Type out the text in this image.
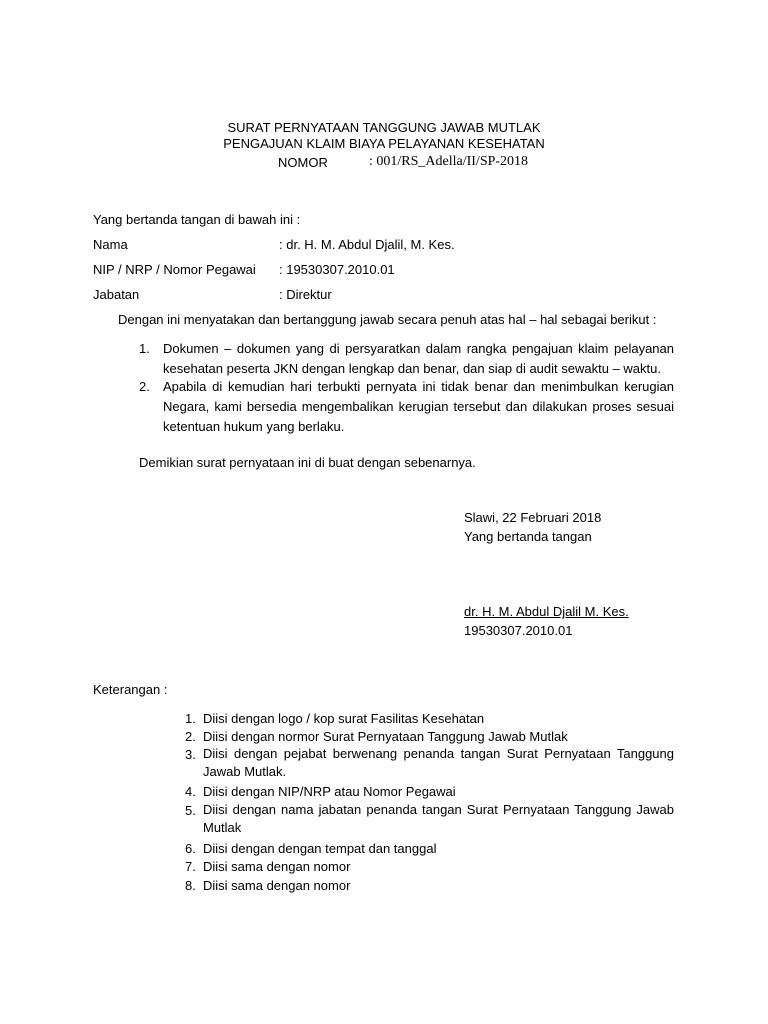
SURAT PERNYATAAN TANGGUNG JAWAB MUTLAK
PENGAJUAN KLAIM BIAYA PELAYANAN KESEHATAN
NOMOR	: 001/RS_Adella/II/SP-2018
Yang bertanda tangan di bawah ini :
Nama	: dr. H. M. Abdul Djalil, M. Kes.
NIP / NRP / Nomor Pegawai : 19530307.2010.01
Jabatan	: Direktur
Dengan ini menyatakan dan bertanggung jawab secara penuh atas hal – hal sebagai berikut :
1. Dokumen – dokumen yang di persyaratkan dalam rangka pengajuan klaim pelayanan kesehatan peserta JKN dengan lengkap dan benar, dan siap di audit sewaktu – waktu.
2. Apabila di kemudian hari terbukti pernyata ini tidak benar dan menimbulkan kerugian Negara, kami bersedia mengembalikan kerugian tersebut dan dilakukan proses sesuai ketentuan hukum yang berlaku.
Demikian surat pernyataan ini di buat dengan sebenarnya.
Slawi, 22 Februari 2018
Yang bertanda tangan
dr. H. M. Abdul Djalil M. Kes.
19530307.2010.01
Keterangan :
1. Diisi dengan logo / kop surat Fasilitas Kesehatan
2. Diisi dengan normor Surat Pernyataan Tanggung Jawab Mutlak
3. Diisi dengan pejabat berwenang penanda tangan Surat Pernyataan Tanggung Jawab Mutlak.
4. Diisi dengan NIP/NRP atau Nomor Pegawai
5. Diisi dengan nama jabatan penanda tangan Surat Pernyataan Tanggung Jawab Mutlak
6. Diisi dengan dengan tempat dan tanggal
7. Diisi sama dengan nomor
8. Diisi sama dengan nomor
